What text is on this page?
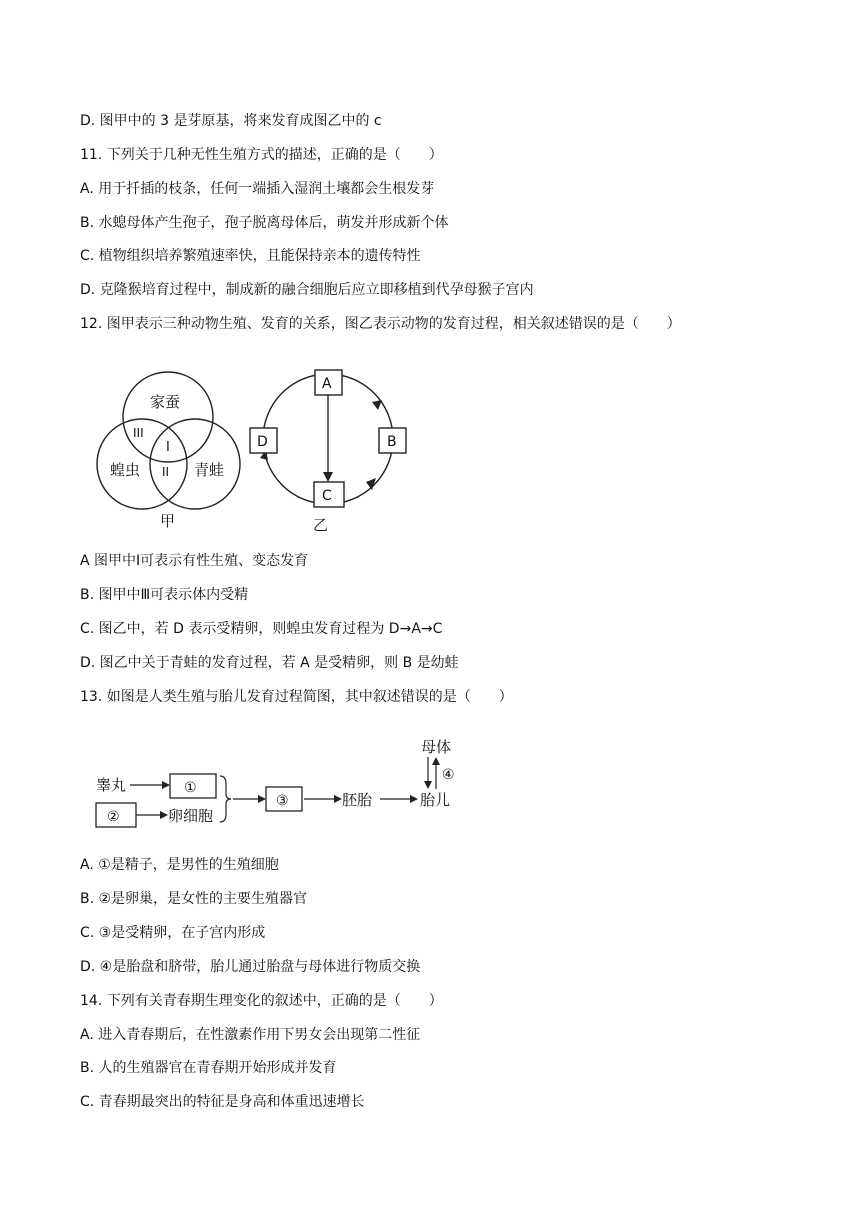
D. 图甲中的 3 是芽原基，将来发育成图乙中的 c
11. 下列关于几种无性生殖方式的描述，正确的是（　　）
A. 用于扦插的枝条，任何一端插入湿润土壤都会生根发芽
B. 水螅母体产生孢子，孢子脱离母体后，萌发并形成新个体
C. 植物组织培养繁殖速率快，且能保持亲本的遗传特性
D. 克隆猴培育过程中，制成新的融合细胞后应立即移植到代孕母猴子宫内
12. 图甲表示三种动物生殖、发育的关系，图乙表示动物的发育过程，相关叙述错误的是（　　）
家蚕
蝗虫	青蛙
III
I
II
甲
A
B
C
D
乙
A 图甲中Ⅰ可表示有性生殖、变态发育
B. 图甲中Ⅲ可表示体内受精
C. 图乙中，若 D 表示受精卵，则蝗虫发育过程为 D→A→C
D. 图乙中关于青蛙的发育过程，若 A 是受精卵，则 B 是幼蛙
13. 如图是人类生殖与胎儿发育过程简图，其中叙述错误的是（　　）
睾丸	①
②	卵细胞
③	胚胎	胎儿
母体
④
A. ①是精子，是男性的生殖细胞
B. ②是卵巢，是女性的主要生殖器官
C. ③是受精卵，在子宫内形成
D. ④是胎盘和脐带，胎儿通过胎盘与母体进行物质交换
14. 下列有关青春期生理变化的叙述中，正确的是（　　）
A. 进入青春期后，在性激素作用下男女会出现第二性征
B. 人的生殖器官在青春期开始形成并发育
C. 青春期最突出的特征是身高和体重迅速增长
